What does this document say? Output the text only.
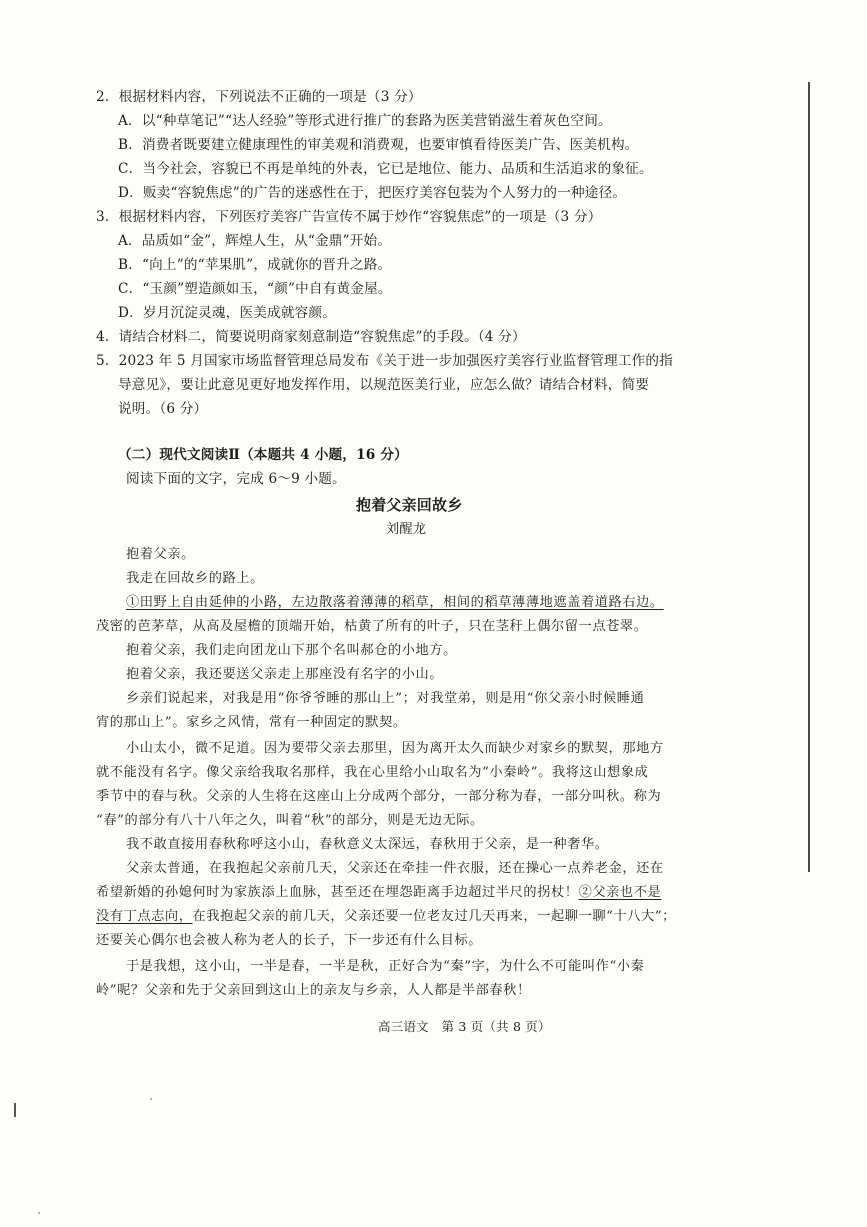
2．根据材料内容，下列说法不正确的一项是（3 分）
A．以“种草笔记”“达人经验”等形式进行推广的套路为医美营销滋生着灰色空间。
B．消费者既要建立健康理性的审美观和消费观，也要审慎看待医美广告、医美机构。
C．当今社会，容貌已不再是单纯的外表，它已是地位、能力、品质和生活追求的象征。
D．贩卖“容貌焦虑”的广告的迷惑性在于，把医疗美容包装为个人努力的一种途径。
3．根据材料内容，下列医疗美容广告宣传不属于炒作“容貌焦虑”的一项是（3 分）
A．品质如“金”，辉煌人生，从“金鼎”开始。
B．“向上”的“苹果肌”，成就你的晋升之路。
C．“玉颜”塑造颜如玉，“颜”中自有黄金屋。
D．岁月沉淀灵魂，医美成就容颜。
4．请结合材料二，简要说明商家刻意制造“容貌焦虑”的手段。（4 分）
5．2023 年 5 月国家市场监督管理总局发布《关于进一步加强医疗美容行业监督管理工作的指
导意见》，要让此意见更好地发挥作用，以规范医美行业，应怎么做？请结合材料，简要
说明。（6 分）
（二）现代文阅读Ⅱ（本题共 4 小题，16 分）
阅读下面的文字，完成 6～9 小题。
抱着父亲回故乡
刘醒龙
抱着父亲。
我走在回故乡的路上。
①田野上自由延伸的小路，左边散落着薄薄的稻草，相间的稻草薄薄地遮盖着道路右边。
茂密的芭茅草，从高及屋檐的顶端开始，枯黄了所有的叶子，只在茎秆上偶尔留一点苍翠。
抱着父亲，我们走向团龙山下那个名叫郝仓的小地方。
抱着父亲，我还要送父亲走上那座没有名字的小山。
乡亲们说起来，对我是用“你爷爷睡的那山上”；对我堂弟，则是用“你父亲小时候睡通
宵的那山上”。家乡之风情，常有一种固定的默契。
小山太小，微不足道。因为要带父亲去那里，因为离开太久而缺少对家乡的默契，那地方
就不能没有名字。像父亲给我取名那样，我在心里给小山取名为“小秦岭”。我将这山想象成
季节中的春与秋。父亲的人生将在这座山上分成两个部分，一部分称为春，一部分叫秋。称为
“春”的部分有八十八年之久，叫着“秋”的部分，则是无边无际。
我不敢直接用春秋称呼这小山，春秋意义太深远，春秋用于父亲，是一种奢华。
父亲太普通，在我抱起父亲前几天，父亲还在牵挂一件衣服，还在操心一点养老金，还在
希望新婚的孙媳何时为家族添上血脉，甚至还在埋怨距离手边超过半尺的拐杖！②父亲也不是
没有丁点志向，在我抱起父亲的前几天，父亲还要一位老友过几天再来，一起聊一聊“十八大”；
还要关心偶尔也会被人称为老人的长子，下一步还有什么目标。
于是我想，这小山，一半是春，一半是秋，正好合为“秦”字，为什么不可能叫作“小秦
岭”呢？父亲和先于父亲回到这山上的亲友与乡亲，人人都是半部春秋！
高三语文　第 3 页（共 8 页）
